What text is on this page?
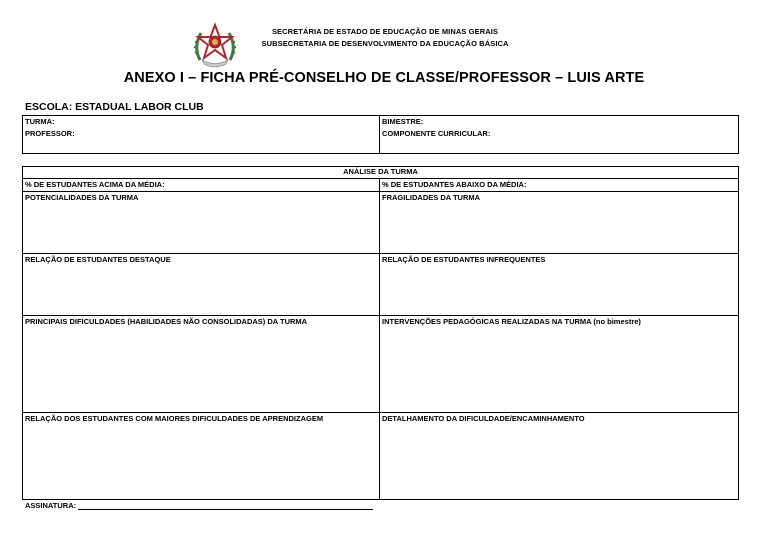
SECRETÁRIA DE ESTADO DE EDUCAÇÃO DE MINAS GERAIS
SUBSECRETARIA DE DESENVOLVIMENTO DA EDUCAÇÃO BÁSICA
ANEXO I – FICHA PRÉ-CONSELHO DE CLASSE/PROFESSOR – LUIS ARTE
ESCOLA: ESTADUAL LABOR CLUB
TURMA:
PROFESSOR:

BIMESTRE:
COMPONENTE CURRICULAR:
ANÁLISE DA TURMA	
% DE ESTUDANTES ACIMA DA MÉDIA:	% DE ESTUDANTES ABAIXO DA MÉDIA:
POTENCIALIDADES DA TURMA	FRAGILIDADES DA TURMA
RELAÇÃO DE ESTUDANTES DESTAQUE	RELAÇÃO DE ESTUDANTES INFREQUENTES
PRINCIPAIS DIFICULDADES (HABILIDADES NÃO CONSOLIDADAS) DA TURMA	INTERVENÇÕES PEDAGÓGICAS REALIZADAS NA TURMA (no bimestre)
RELAÇÃO DOS ESTUDANTES COM MAIORES DIFICULDADES DE APRENDIZAGEM	DETALHAMENTO DA DIFICULDADE/ENCAMINHAMENTO
ASSINATURA:
